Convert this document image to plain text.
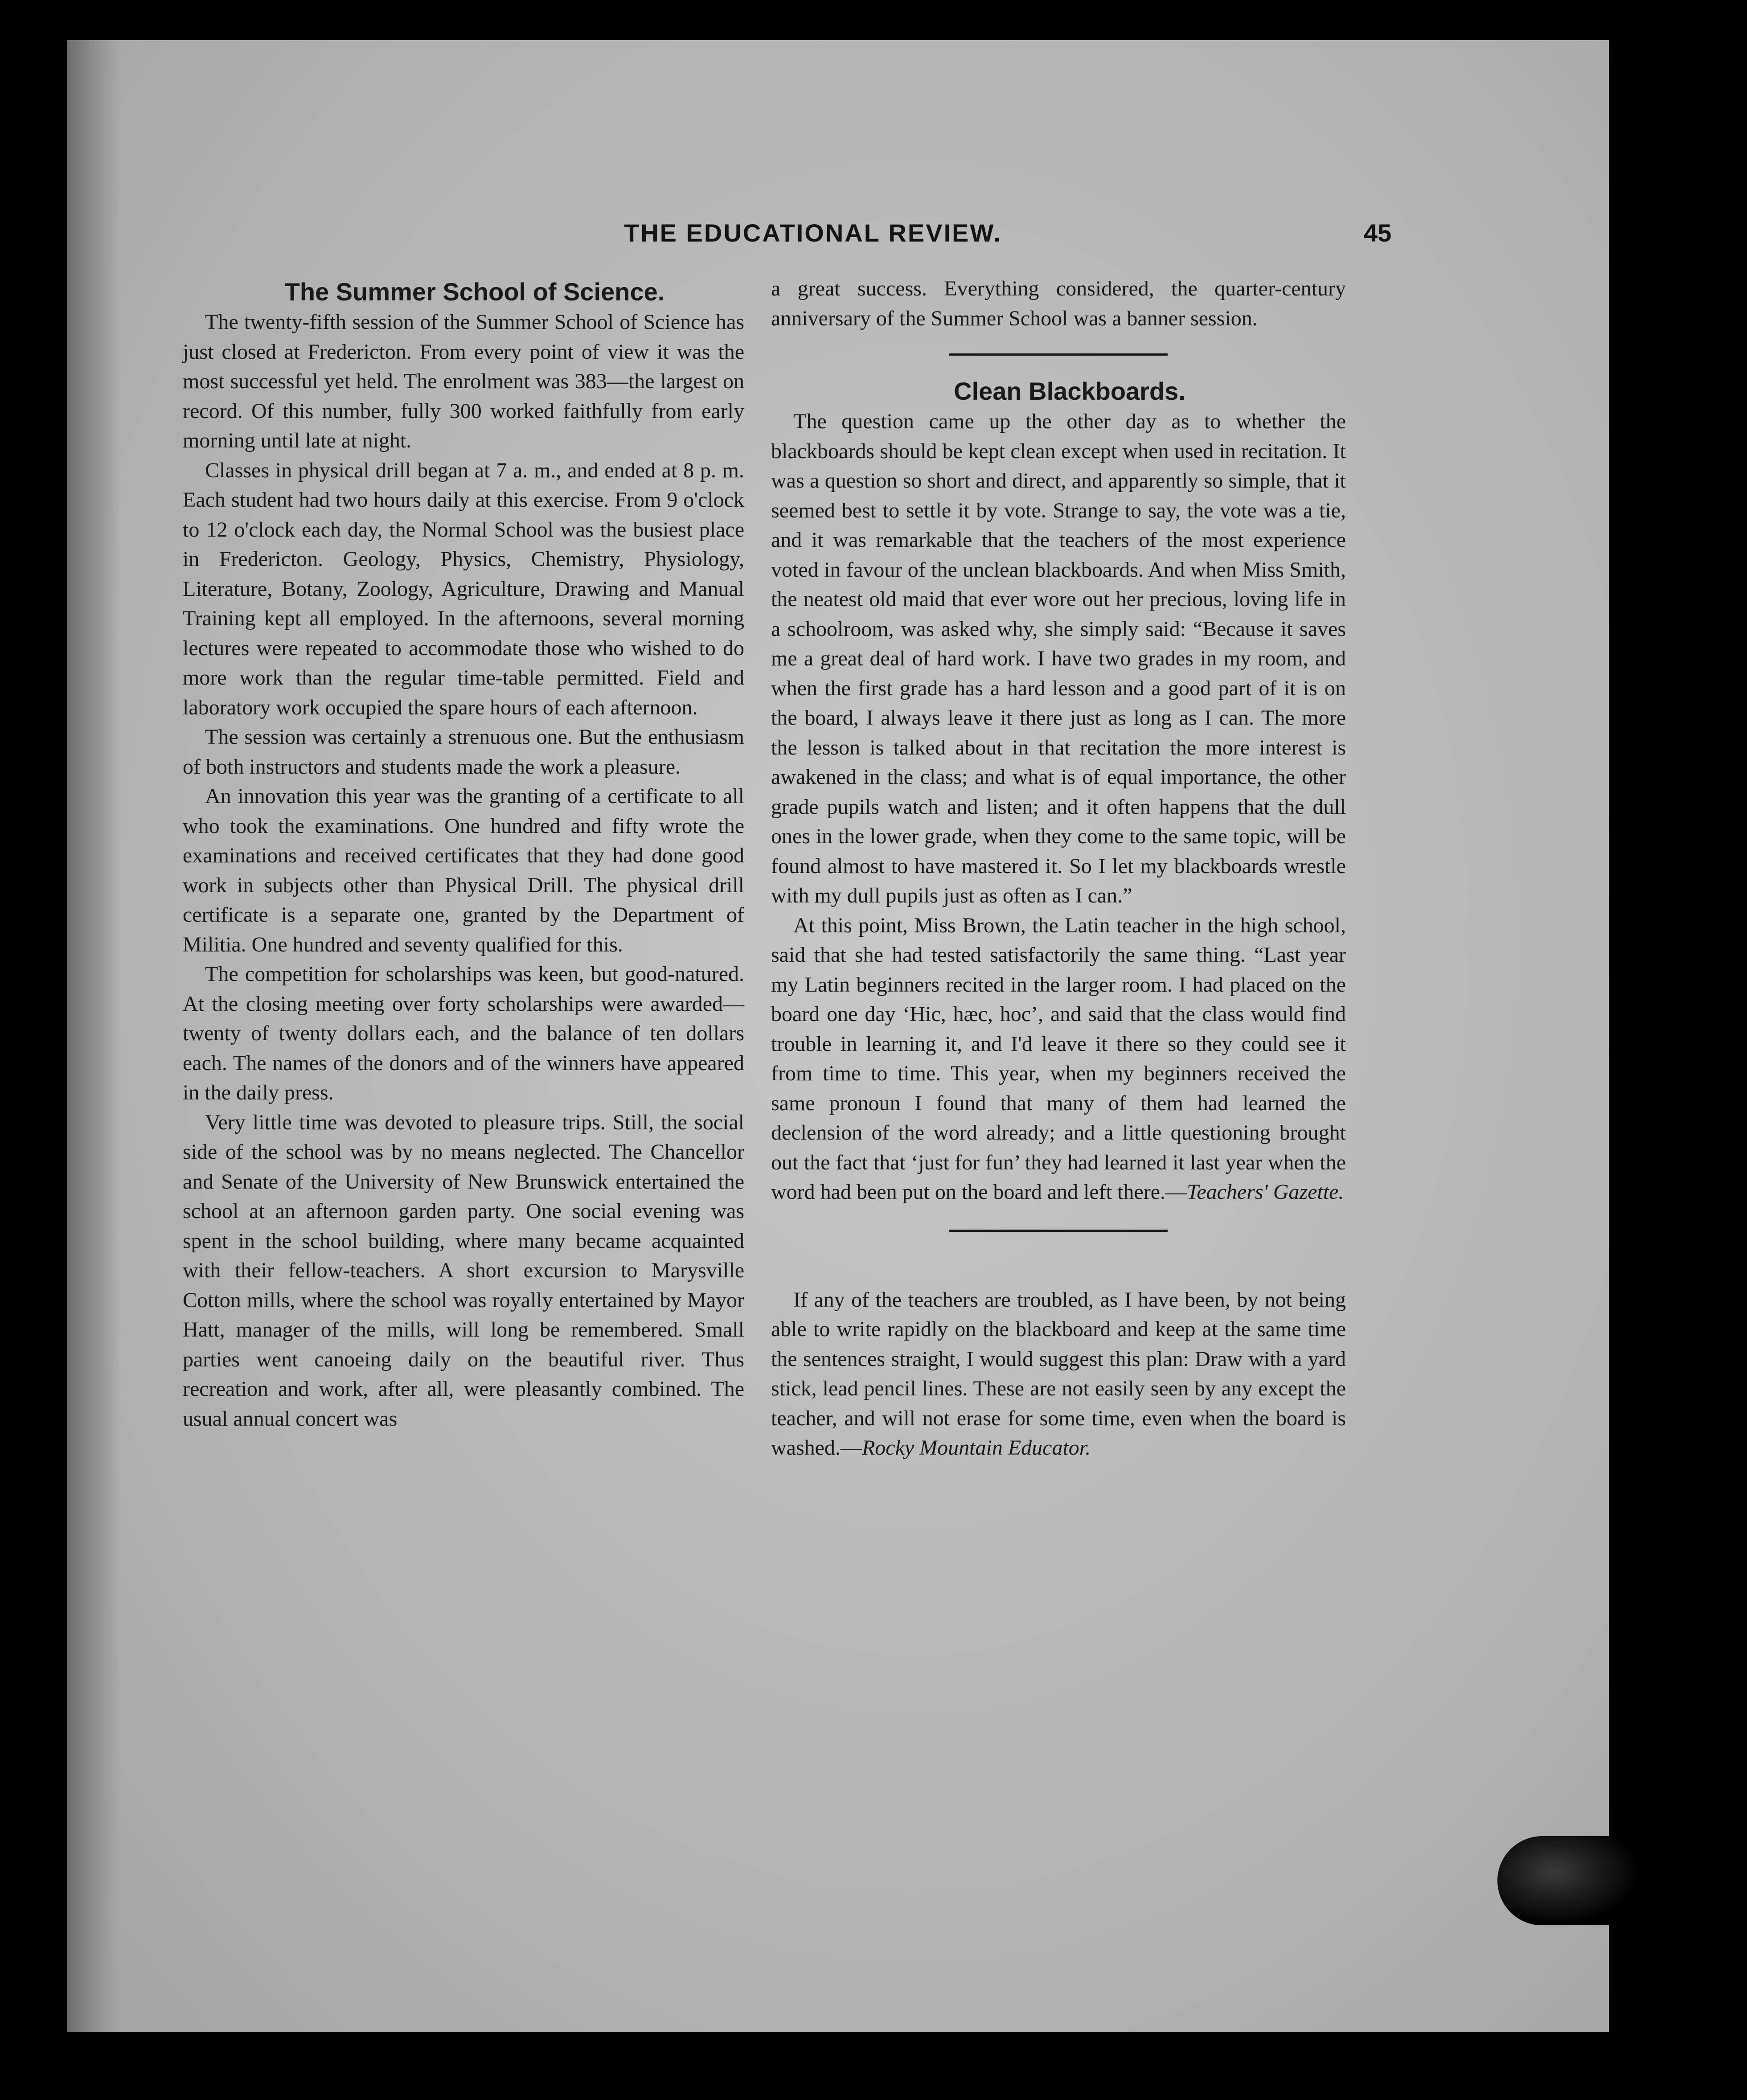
THE EDUCATIONAL REVIEW.	45

The Summer School of Science.

The twenty-fifth session of the Summer School of Science has just closed at Fredericton. From every point of view it was the most successful yet held. The enrolment was 383—the largest on record. Of this number, fully 300 worked faithfully from early morning until late at night.

Classes in physical drill began at 7 a. m., and ended at 8 p. m. Each student had two hours daily at this exercise. From 9 o'clock to 12 o'clock each day, the Normal School was the busiest place in Fredericton. Geology, Physics, Chemistry, Physiology, Literature, Botany, Zoology, Agriculture, Drawing and Manual Training kept all employed. In the afternoons, several morning lectures were repeated to accommodate those who wished to do more work than the regular time-table permitted. Field and laboratory work occupied the spare hours of each afternoon.

The session was certainly a strenuous one. But the enthusiasm of both instructors and students made the work a pleasure.

An innovation this year was the granting of a certificate to all who took the examinations. One hundred and fifty wrote the examinations and received certificates that they had done good work in subjects other than Physical Drill. The physical drill certificate is a separate one, granted by the Department of Militia. One hundred and seventy qualified for this.

The competition for scholarships was keen, but good-natured. At the closing meeting over forty scholarships were awarded—twenty of twenty dollars each, and the balance of ten dollars each. The names of the donors and of the winners have appeared in the daily press.

Very little time was devoted to pleasure trips. Still, the social side of the school was by no means neglected. The Chancellor and Senate of the University of New Brunswick entertained the school at an afternoon garden party. One social evening was spent in the school building, where many became acquainted with their fellow-teachers. A short excursion to Marysville Cotton mills, where the school was royally entertained by Mayor Hatt, manager of the mills, will long be remembered. Small parties went canoeing daily on the beautiful river. Thus recreation and work, after all, were pleasantly combined. The usual annual concert was

a great success. Everything considered, the quarter-century anniversary of the Summer School was a banner session.

Clean Blackboards.

The question came up the other day as to whether the blackboards should be kept clean except when used in recitation. It was a question so short and direct, and apparently so simple, that it seemed best to settle it by vote. Strange to say, the vote was a tie, and it was remarkable that the teachers of the most experience voted in favour of the unclean blackboards. And when Miss Smith, the neatest old maid that ever wore out her precious, loving life in a schoolroom, was asked why, she simply said: “Because it saves me a great deal of hard work. I have two grades in my room, and when the first grade has a hard lesson and a good part of it is on the board, I always leave it there just as long as I can. The more the lesson is talked about in that recitation the more interest is awakened in the class; and what is of equal importance, the other grade pupils watch and listen; and it often happens that the dull ones in the lower grade, when they come to the same topic, will be found almost to have mastered it. So I let my blackboards wrestle with my dull pupils just as often as I can.”

At this point, Miss Brown, the Latin teacher in the high school, said that she had tested satisfactorily the same thing. “Last year my Latin beginners recited in the larger room. I had placed on the board one day ‘Hic, hæc, hoc’, and said that the class would find trouble in learning it, and I'd leave it there so they could see it from time to time. This year, when my beginners received the same pronoun I found that many of them had learned the declension of the word already; and a little questioning brought out the fact that ‘just for fun’ they had learned it last year when the word had been put on the board and left there.—Teachers' Gazette.

If any of the teachers are troubled, as I have been, by not being able to write rapidly on the blackboard and keep at the same time the sentences straight, I would suggest this plan: Draw with a yard stick, lead pencil lines. These are not easily seen by any except the teacher, and will not erase for some time, even when the board is washed.—Rocky Mountain Educator.
